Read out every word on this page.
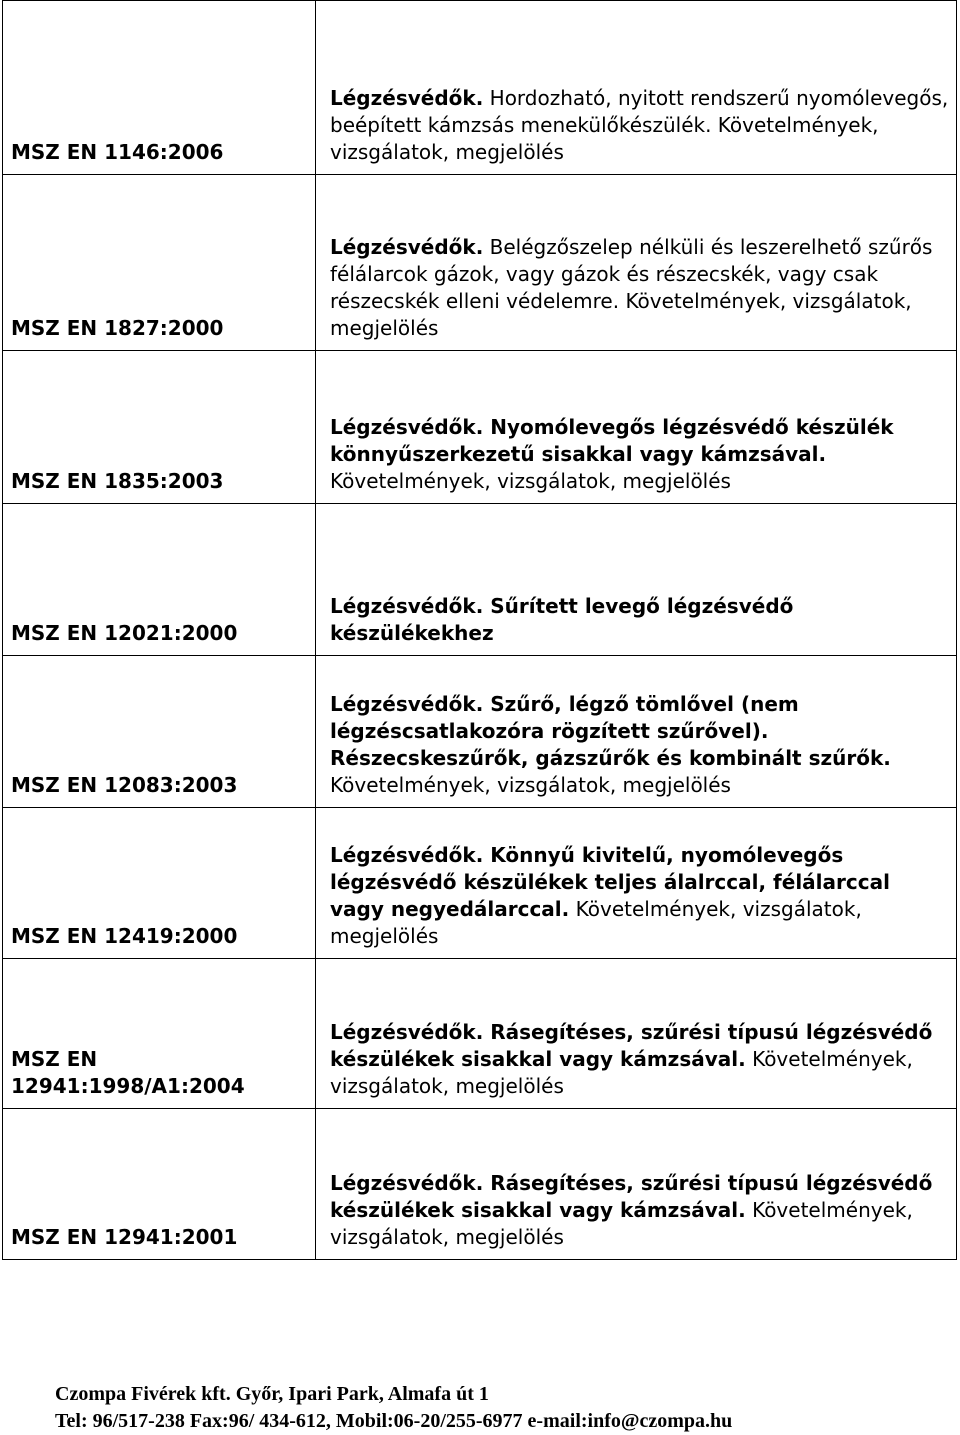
MSZ EN 1146:2006	Légzésvédők. Hordozható, nyitott rendszerű nyomólevegős, beépített kámzsás menekülőkészülék. Követelmények, vizsgálatok, megjelölés
MSZ EN 1827:2000	Légzésvédők. Belégzőszelep nélküli és leszerelhető szűrős félálarcok gázok, vagy gázok és részecskék, vagy csak részecskék elleni védelemre. Követelmények, vizsgálatok, megjelölés
MSZ EN 1835:2003	Légzésvédők. Nyomólevegős légzésvédő készülék könnyűszerkezetű sisakkal vagy kámzsával. Követelmények, vizsgálatok, megjelölés
MSZ EN 12021:2000	Légzésvédők. Sűrített levegő légzésvédő készülékekhez
MSZ EN 12083:2003	Légzésvédők. Szűrő, légző tömlővel (nem légzéscsatlakozóra rögzített szűrővel). Részecskeszűrők, gázszűrők és kombinált szűrők. Követelmények, vizsgálatok, megjelölés
MSZ EN 12419:2000	Légzésvédők. Könnyű kivitelű, nyomólevegős légzésvédő készülékek teljes álalrccal, félálarccal vagy negyedálarccal. Követelmények, vizsgálatok, megjelölés
MSZ EN 12941:1998/A1:2004	Légzésvédők. Rásegítéses, szűrési típusú légzésvédő készülékek sisakkal vagy kámzsával. Követelmények, vizsgálatok, megjelölés
MSZ EN 12941:2001	Légzésvédők. Rásegítéses, szűrési típusú légzésvédő készülékek sisakkal vagy kámzsával. Követelmények, vizsgálatok, megjelölés
Czompa Fivérek kft. Győr, Ipari Park, Almafa út 1
Tel: 96/517-238 Fax:96/ 434-612, Mobil:06-20/255-6977 e-mail:info@czompa.hu
